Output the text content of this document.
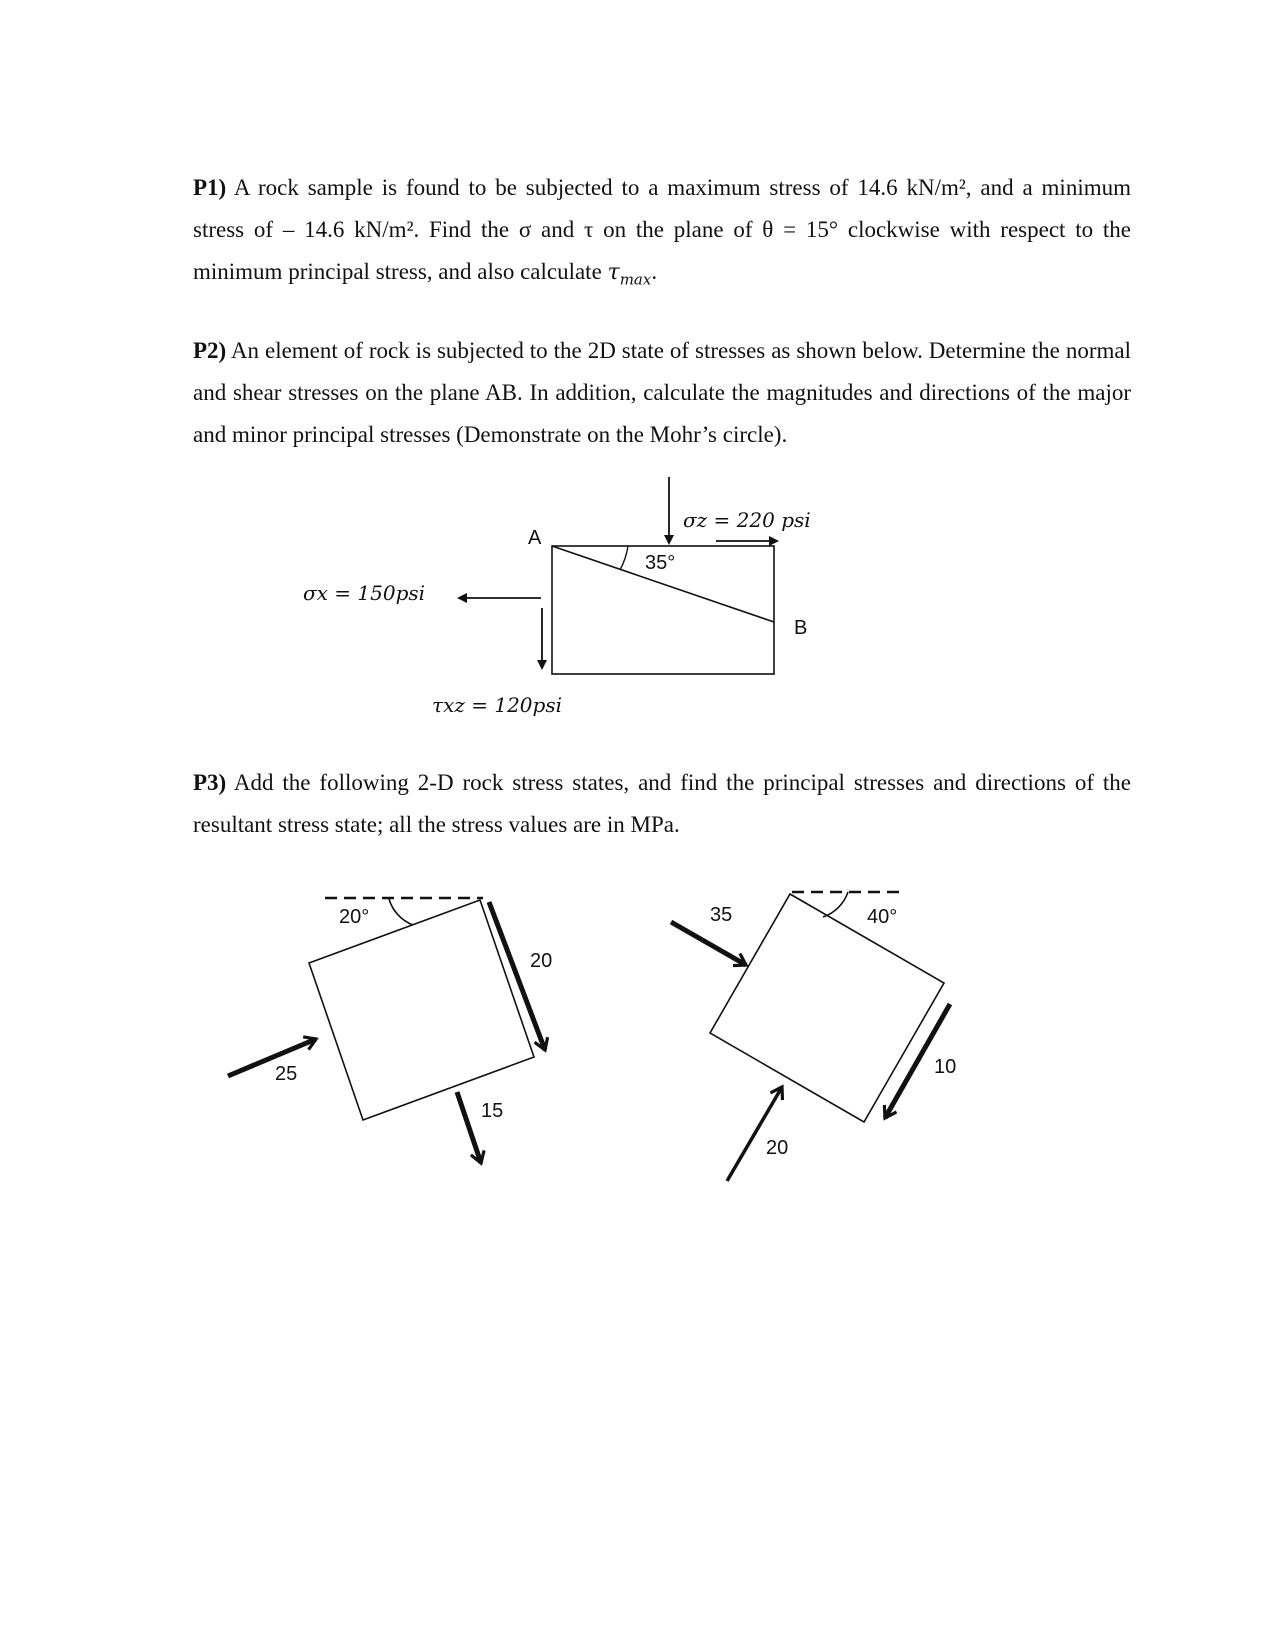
P1) A rock sample is found to be subjected to a maximum stress of 14.6 kN/m², and a minimum stress of – 14.6 kN/m². Find the σ and τ on the plane of θ = 15° clockwise with respect to the minimum principal stress, and also calculate $\tau_{max}$.
P2) An element of rock is subjected to the 2D state of stresses as shown below. Determine the normal and shear stresses on the plane AB. In addition, calculate the magnitudes and directions of the major and minor principal stresses (Demonstrate on the Mohr’s circle).
A
B
35°
σz = 220 psi
σx = 150psi
τxz = 120psi
P3) Add the following 2-D rock stress states, and find the principal stresses and directions of the resultant stress state; all the stress values are in MPa.
20°
20
25
15
40°
35
10
20
